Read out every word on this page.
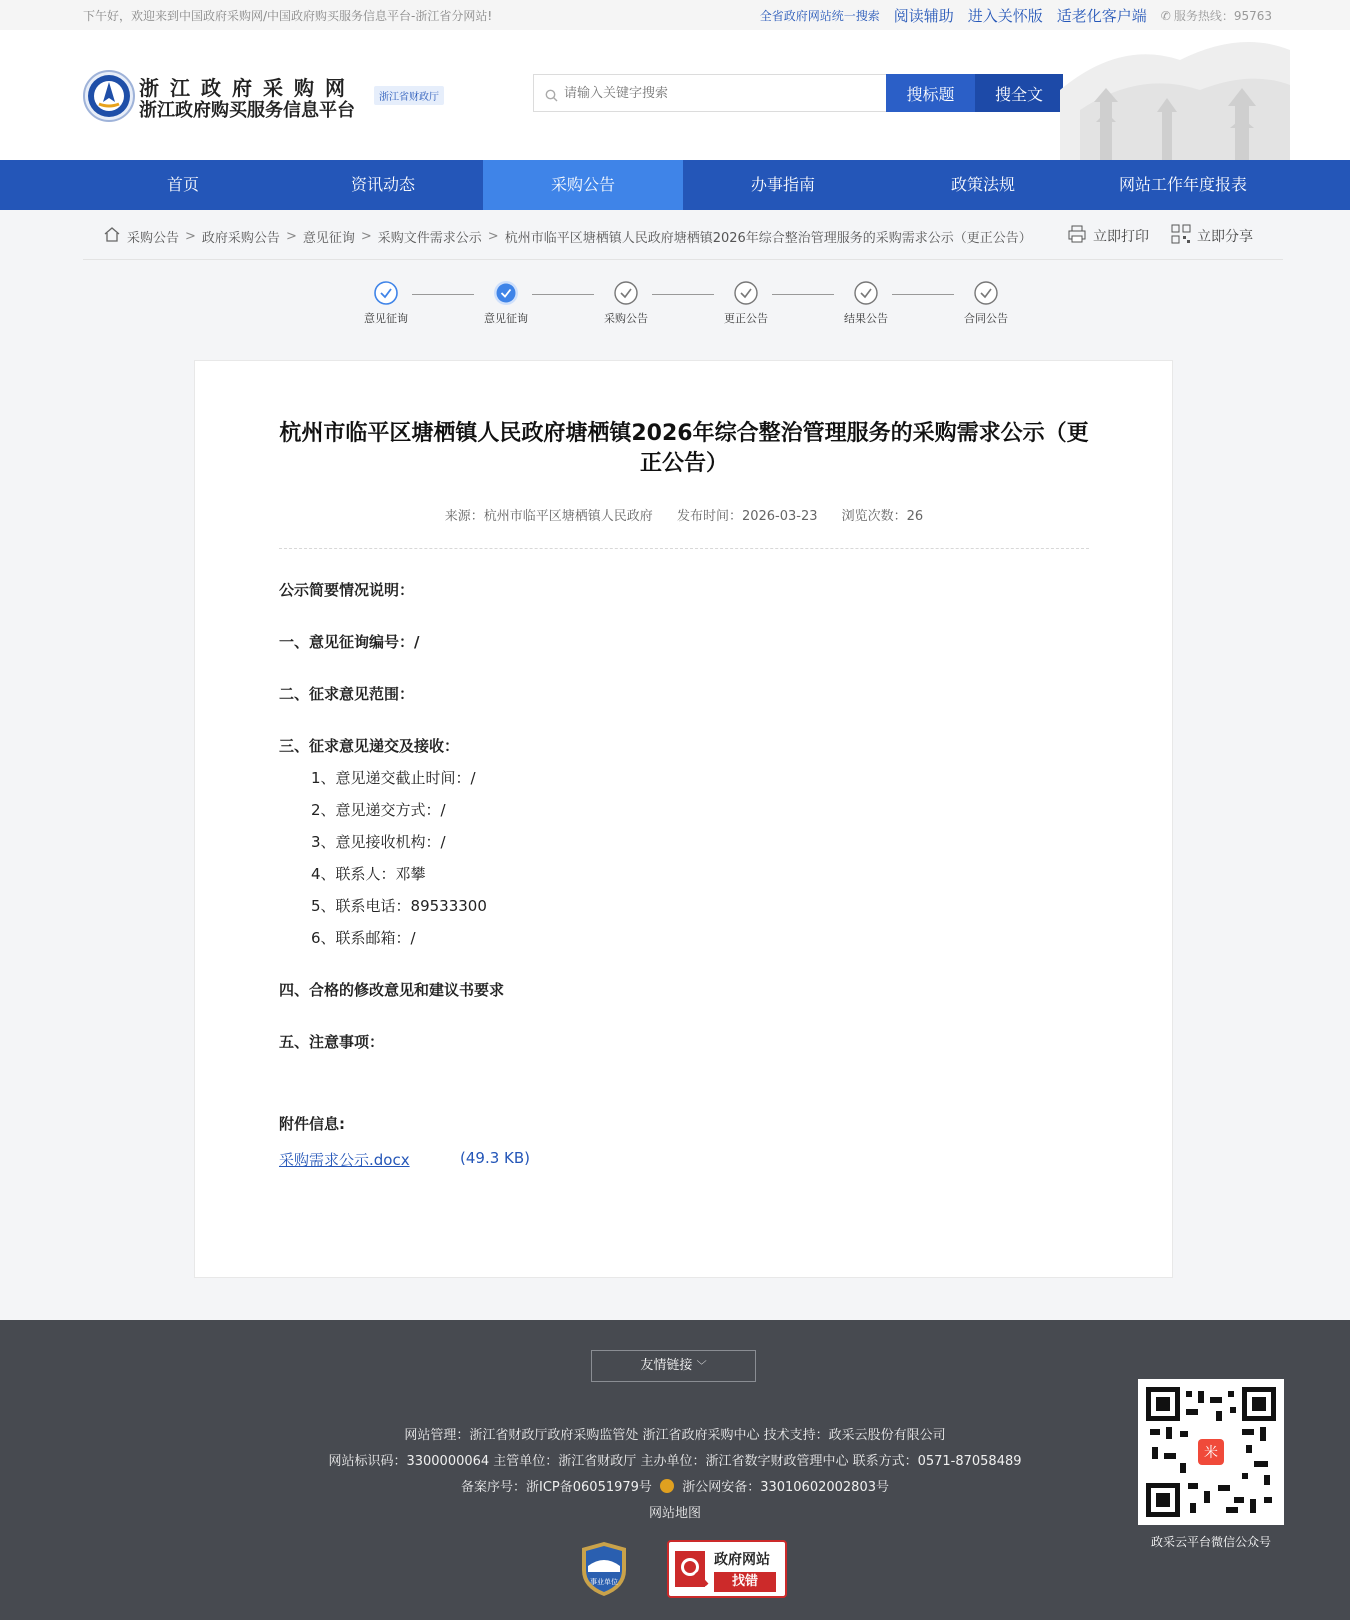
下午好，欢迎来到中国政府采购网/中国政府购买服务信息平台-浙江省分网站!	全省政府网站统一搜索 阅读辅助 进入关怀版 适老化客户端 ✆ 服务热线：95763
浙江政府采购网
浙江政府购买服务信息平台
浙江省财政厅
请输入关键字搜索	搜标题	搜全文
首页	资讯动态	采购公告	办事指南	政策法规	网站工作年度报表
采购公告 > 政府采购公告 > 意见征询 > 采购文件需求公示 > 杭州市临平区塘栖镇人民政府塘栖镇2026年综合整治管理服务的采购需求公示（更正公告）	立即打印	立即分享
意见征询	意见征询	采购公告	更正公告	结果公告	合同公告
杭州市临平区塘栖镇人民政府塘栖镇2026年综合整治管理服务的采购需求公示（更正公告）
来源：杭州市临平区塘栖镇人民政府 发布时间：2026-03-23 浏览次数：26
公示简要情况说明：
一、意见征询编号：/
二、征求意见范围：
三、征求意见递交及接收：
1、意见递交截止时间：/
2、意见递交方式：/
3、意见接收机构：/
4、联系人：邓攀
5、联系电话：89533300
6、联系邮箱：/
四、合格的修改意见和建议书要求
五、注意事项：
附件信息:
采购需求公示.docx	(49.3 KB)
友情链接 ﹀
网站管理：浙江省财政厅政府采购监管处 浙江省政府采购中心 技术支持：政采云股份有限公司
网站标识码：3300000064 主管单位：浙江省财政厅 主办单位：浙江省数字财政管理中心 联系方式：0571-87058489
备案序号：浙ICP备06051979号 浙公网安备：33010602002803号
网站地图
米
政采云平台微信公众号
事业单位
政府网站
找错
